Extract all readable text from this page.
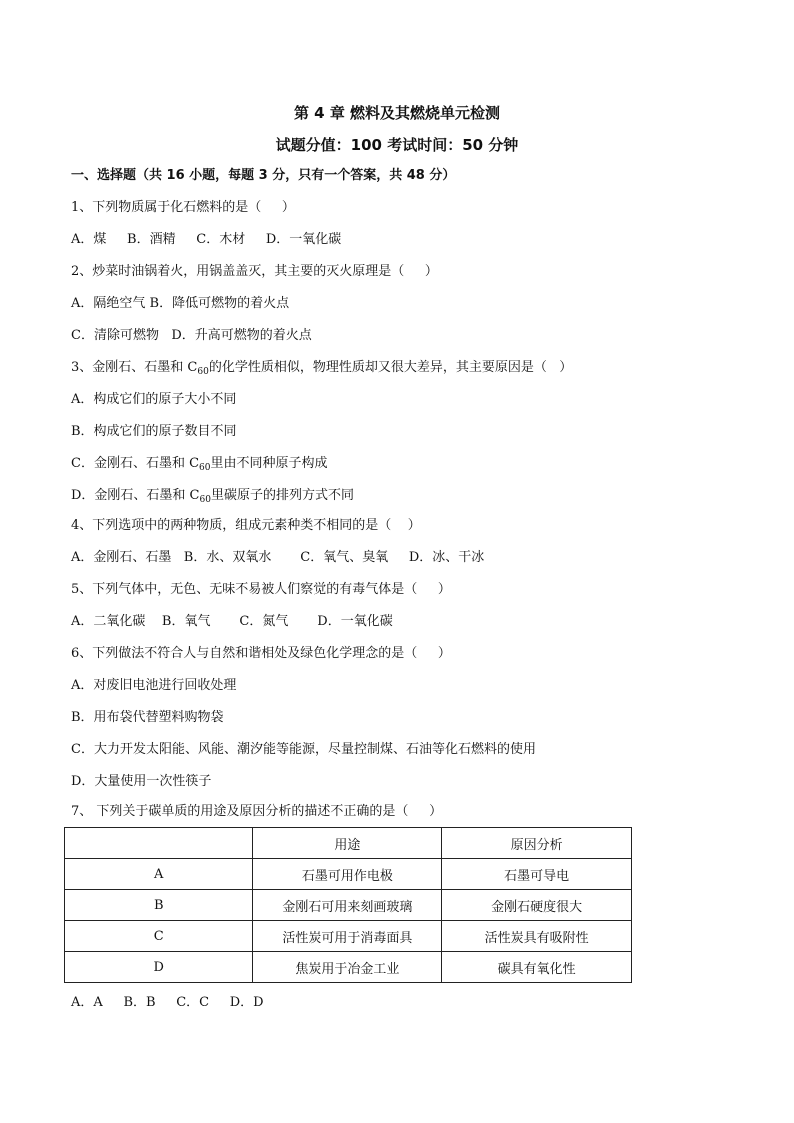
第 4 章 燃料及其燃烧单元检测

试题分值：100 考试时间：50 分钟

一、选择题（共 16 小题，每题 3 分，只有一个答案，共 48 分）

1、下列物质属于化石燃料的是（     ）

A．煤     B．酒精     C．木材     D．一氧化碳

2、炒菜时油锅着火，用锅盖盖灭，其主要的灭火原理是（     ）

A．隔绝空气 B．降低可燃物的着火点

C．清除可燃物   D．升高可燃物的着火点

3、金刚石、石墨和 $C_{60}$的化学性质相似，物理性质却又很大差异，其主要原因是（   ）

A．构成它们的原子大小不同

B．构成它们的原子数目不同

C．金刚石、石墨和 $C_{60}$里由不同种原子构成

D．金刚石、石墨和 $C_{60}$里碳原子的排列方式不同

4、下列选项中的两种物质，组成元素种类不相同的是（    ）

A．金刚石、石墨   B．水、双氧水       C．氧气、臭氧     D．冰、干冰

5、下列气体中，无色、无味不易被人们察觉的有毒气体是（     ）

A．二氧化碳    B．氧气       C．氮气       D．一氧化碳

6、下列做法不符合人与自然和谐相处及绿色化学理念的是（     ）

A．对废旧电池进行回收处理

B．用布袋代替塑料购物袋

C．大力开发太阳能、风能、潮汐能等能源，尽量控制煤、石油等化石燃料的使用

D．大量使用一次性筷子

7、 下列关于碳单质的用途及原因分析的描述不正确的是（     ）

	用途	原因分析
A	石墨可用作电极	石墨可导电
B	金刚石可用来刻画玻璃	金刚石硬度很大
C	活性炭可用于消毒面具	活性炭具有吸附性
D	焦炭用于冶金工业	碳具有氧化性

A．A     B．B     C．C     D．D
